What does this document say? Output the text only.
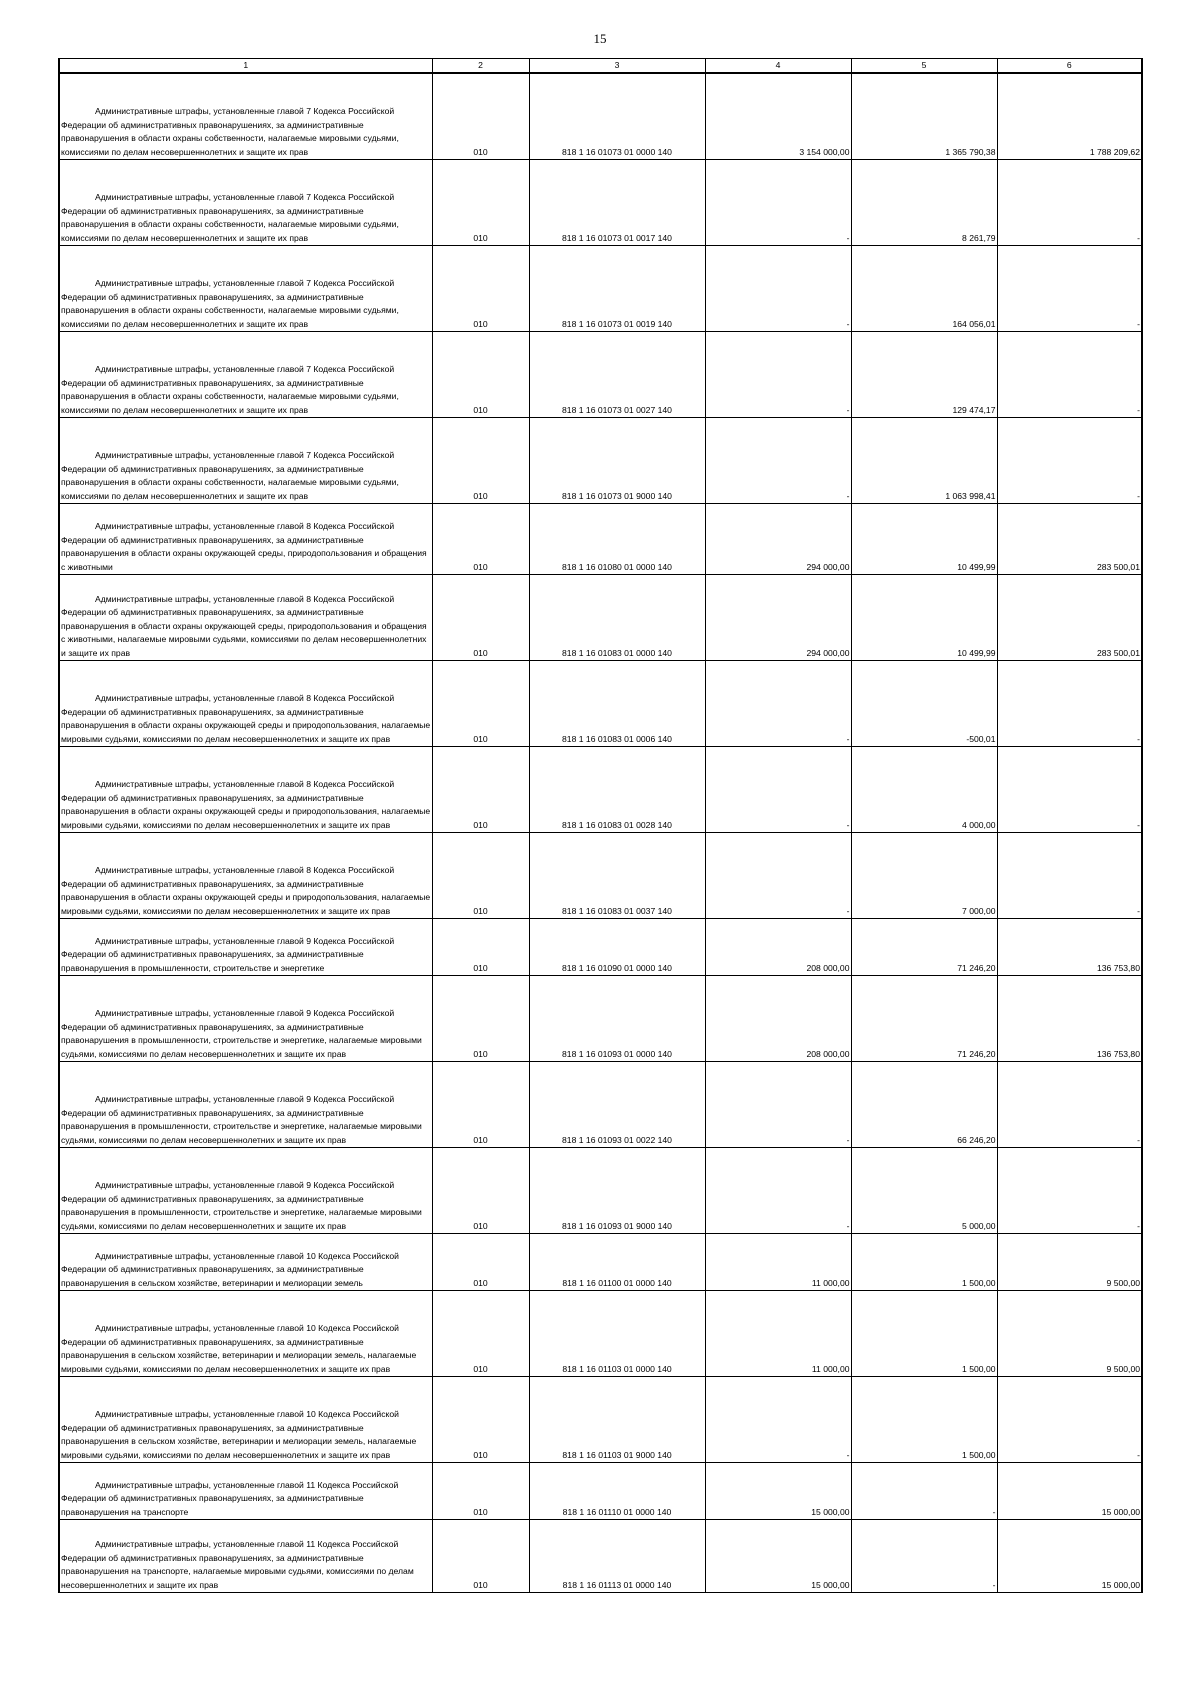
15
1	2	3	4	5	6
Административные штрафы, установленные главой 7 Кодекса Российской Федерации об административных правонарушениях, за административные правонарушения в области охраны собственности, налагаемые мировыми судьями, комиссиями по делам несовершеннолетних и защите их прав	010	818 1 16 01073 01 0000 140	3 154 000,00	1 365 790,38	1 788 209,62
Административные штрафы, установленные главой 7 Кодекса Российской Федерации об административных правонарушениях, за административные правонарушения в области охраны собственности, налагаемые мировыми судьями, комиссиями по делам несовершеннолетних и защите их прав	010	818 1 16 01073 01 0017 140	-	8 261,79	-
Административные штрафы, установленные главой 7 Кодекса Российской Федерации об административных правонарушениях, за административные правонарушения в области охраны собственности, налагаемые мировыми судьями, комиссиями по делам несовершеннолетних и защите их прав	010	818 1 16 01073 01 0019 140	-	164 056,01	-
Административные штрафы, установленные главой 7 Кодекса Российской Федерации об административных правонарушениях, за административные правонарушения в области охраны собственности, налагаемые мировыми судьями, комиссиями по делам несовершеннолетних и защите их прав	010	818 1 16 01073 01 0027 140	-	129 474,17	-
Административные штрафы, установленные главой 7 Кодекса Российской Федерации об административных правонарушениях, за административные правонарушения в области охраны собственности, налагаемые мировыми судьями, комиссиями по делам несовершеннолетних и защите их прав	010	818 1 16 01073 01 9000 140	-	1 063 998,41	-
Административные штрафы, установленные главой 8 Кодекса Российской Федерации об административных правонарушениях, за административные правонарушения в области охраны окружающей среды, природопользования и обращения с животными	010	818 1 16 01080 01 0000 140	294 000,00	10 499,99	283 500,01
Административные штрафы, установленные главой 8 Кодекса Российской Федерации об административных правонарушениях, за административные правонарушения в области охраны окружающей среды, природопользования и обращения с животными, налагаемые мировыми судьями, комиссиями по делам несовершеннолетних и защите их прав	010	818 1 16 01083 01 0000 140	294 000,00	10 499,99	283 500,01
Административные штрафы, установленные главой 8 Кодекса Российской Федерации об административных правонарушениях, за административные правонарушения в области охраны окружающей среды и природопользования, налагаемые мировыми судьями, комиссиями по делам несовершеннолетних и защите их прав	010	818 1 16 01083 01 0006 140	-	-500,01	-
Административные штрафы, установленные главой 8 Кодекса Российской Федерации об административных правонарушениях, за административные правонарушения в области охраны окружающей среды и природопользования, налагаемые мировыми судьями, комиссиями по делам несовершеннолетних и защите их прав	010	818 1 16 01083 01 0028 140	-	4 000,00	-
Административные штрафы, установленные главой 8 Кодекса Российской Федерации об административных правонарушениях, за административные правонарушения в области охраны окружающей среды и природопользования, налагаемые мировыми судьями, комиссиями по делам несовершеннолетних и защите их прав	010	818 1 16 01083 01 0037 140	-	7 000,00	-
Административные штрафы, установленные главой 9 Кодекса Российской Федерации об административных правонарушениях, за административные правонарушения в промышленности, строительстве и энергетике	010	818 1 16 01090 01 0000 140	208 000,00	71 246,20	136 753,80
Административные штрафы, установленные главой 9 Кодекса Российской Федерации об административных правонарушениях, за административные правонарушения в промышленности, строительстве и энергетике, налагаемые мировыми судьями, комиссиями по делам несовершеннолетних и защите их прав	010	818 1 16 01093 01 0000 140	208 000,00	71 246,20	136 753,80
Административные штрафы, установленные главой 9 Кодекса Российской Федерации об административных правонарушениях, за административные правонарушения в промышленности, строительстве и энергетике, налагаемые мировыми судьями, комиссиями по делам несовершеннолетних и защите их прав	010	818 1 16 01093 01 0022 140	-	66 246,20	-
Административные штрафы, установленные главой 9 Кодекса Российской Федерации об административных правонарушениях, за административные правонарушения в промышленности, строительстве и энергетике, налагаемые мировыми судьями, комиссиями по делам несовершеннолетних и защите их прав	010	818 1 16 01093 01 9000 140	-	5 000,00	-
Административные штрафы, установленные главой 10 Кодекса Российской Федерации об административных правонарушениях, за административные правонарушения в сельском хозяйстве, ветеринарии и мелиорации земель	010	818 1 16 01100 01 0000 140	11 000,00	1 500,00	9 500,00
Административные штрафы, установленные главой 10 Кодекса Российской Федерации об административных правонарушениях, за административные правонарушения в сельском хозяйстве, ветеринарии и мелиорации земель, налагаемые мировыми судьями, комиссиями по делам несовершеннолетних и защите их прав	010	818 1 16 01103 01 0000 140	11 000,00	1 500,00	9 500,00
Административные штрафы, установленные главой 10 Кодекса Российской Федерации об административных правонарушениях, за административные правонарушения в сельском хозяйстве, ветеринарии и мелиорации земель, налагаемые мировыми судьями, комиссиями по делам несовершеннолетних и защите их прав	010	818 1 16 01103 01 9000 140	-	1 500,00	-
Административные штрафы, установленные главой 11 Кодекса Российской Федерации об административных правонарушениях, за административные правонарушения на транспорте	010	818 1 16 01110 01 0000 140	15 000,00	-	15 000,00
Административные штрафы, установленные главой 11 Кодекса Российской Федерации об административных правонарушениях, за административные правонарушения на транспорте, налагаемые мировыми судьями, комиссиями по делам несовершеннолетних и защите их прав	010	818 1 16 01113 01 0000 140	15 000,00	-	15 000,00
